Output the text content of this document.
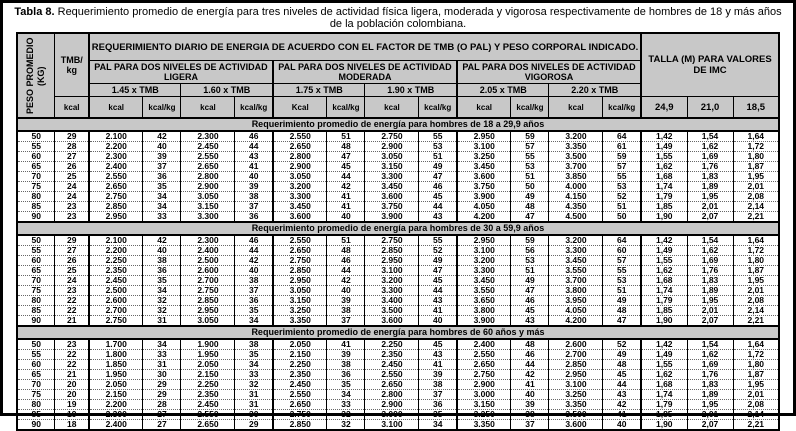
Tabla 8. Requerimiento promedio de energía para tres niveles de actividad física ligera, moderada y vigorosa respectivamente de hombres de 18 y más años de la población colombiana.
PESO PROMEDIO (KG)	TMB/ kg	REQUERIMIENTO DIARIO DE ENERGIA DE ACUERDO CON EL FACTOR DE TMB (O PAL) Y PESO CORPORAL INDICADO.												TALLA (M) PARA VALORES DE IMC		
		PAL PARA DOS NIVELES DE ACTIVIDAD LIGERA				PAL PARA DOS NIVELES DE ACTIVIDAD MODERADA				PAL PARA DOS NIVELES DE ACTIVIDAD VIGOROSA						
		1.45 x TMB		1.60 x TMB		1.75 x TMB		1.90 x TMB		2.05 x TMB		2.20 x TMB				
	kcal	kcal	kcal/kg	kcal	kcal/kg	Kcal	kcal/kg	kcal	kcal/kg	kcal	kcal/kg	kcal	kcal/kg	24,9	21,0	18,5
Requerimiento promedio de energía para hombres de 18 a 29,9 años																
50	29	2.100	42	2.300	46	2.550	51	2.750	55	2.950	59	3.200	64	1,42	1,54	1,64
55	28	2.200	40	2.450	44	2.650	48	2.900	53	3.100	57	3.350	61	1,49	1,62	1,72
60	27	2.300	39	2.550	43	2.800	47	3.050	51	3.250	55	3.500	59	1,55	1,69	1,80
65	26	2.400	37	2.650	41	2.900	45	3.150	49	3.450	53	3.700	57	1,62	1,76	1,87
70	25	2.550	36	2.800	40	3.050	44	3.300	47	3.600	51	3.850	55	1,68	1,83	1,95
75	24	2.650	35	2.900	39	3.200	42	3.450	46	3.750	50	4.000	53	1,74	1,89	2,01
80	24	2.750	34	3.050	38	3.300	41	3.600	45	3.900	49	4.150	52	1,79	1,95	2,08
85	23	2.850	34	3.150	37	3.450	41	3.750	44	4.050	48	4.350	51	1,85	2,01	2,14
90	23	2.950	33	3.300	36	3.600	40	3.900	43	4.200	47	4.500	50	1,90	2,07	2,21
Requerimiento promedio de energía para hombres de 30 a 59,9 años																
50	29	2.100	42	2.300	46	2.550	51	2.750	55	2.950	59	3.200	64	1,42	1,54	1,64
55	27	2.200	40	2.400	44	2.650	48	2.850	52	3.100	56	3.300	60	1,49	1,62	1,72
60	26	2.250	38	2.500	42	2.750	46	2.950	49	3.200	53	3.450	57	1,55	1,69	1,80
65	25	2.350	36	2.600	40	2.850	44	3.100	47	3.300	51	3.550	55	1,62	1,76	1,87
70	24	2.450	35	2.700	38	2.950	42	3.200	45	3.450	49	3.700	53	1,68	1,83	1,95
75	23	2.500	34	2.750	37	3.050	40	3.300	44	3.550	47	3.800	51	1,74	1,89	2,01
80	22	2.600	32	2.850	36	3.150	39	3.400	43	3.650	46	3.950	49	1,79	1,95	2,08
85	22	2.700	32	2.950	35	3.250	38	3.500	41	3.800	45	4.050	48	1,85	2,01	2,14
90	21	2.750	31	3.050	34	3.350	37	3.600	40	3.900	43	4.200	47	1,90	2,07	2,21
Requerimiento promedio de energía para hombres de 60 años y más																
50	23	1.700	34	1.900	38	2.050	41	2.250	45	2.400	48	2.600	52	1,42	1,54	1,64
55	22	1.800	33	1.950	35	2.150	39	2.350	43	2.550	46	2.700	49	1,49	1,62	1,72
60	22	1.850	31	2.050	34	2.250	38	2.450	41	2.650	44	2.850	48	1,55	1,69	1,80
65	21	1.950	30	2.150	33	2.350	36	2.550	39	2.750	42	2.950	45	1,62	1,76	1,87
70	20	2.050	29	2.250	32	2.450	35	2.650	38	2.900	41	3.100	44	1,68	1,83	1,95
75	20	2.150	29	2.350	31	2.550	34	2.800	37	3.000	40	3.250	43	1,74	1,89	2,01
80	19	2.200	28	2.450	31	2.650	33	2.900	36	3.150	39	3.350	42	1,79	1,95	2,08
85	19	2.300	27	2.550	30	2.750	32	3.000	35	3.250	38	3.500	41	1,85	2,01	2,14
90	18	2.400	27	2.650	29	2.850	32	3.100	34	3.350	37	3.600	40	1,90	2,07	2,21
